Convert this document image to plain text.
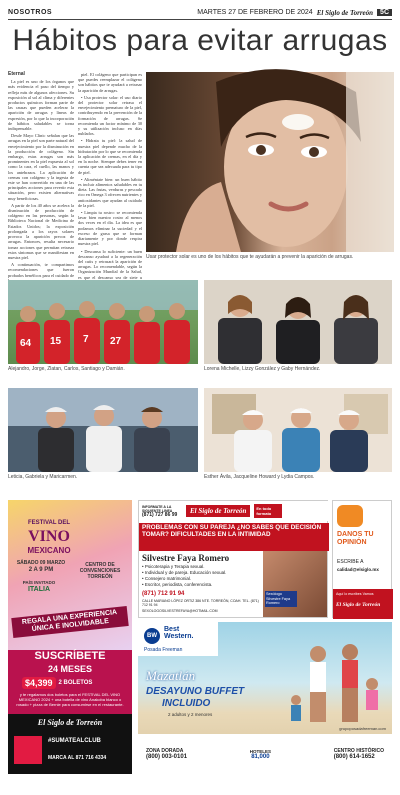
NOSOTROS	MARTES 27 DE FEBRERO DE 2024 El Siglo de Torreón	5C
Hábitos para evitar arrugas
Eternal

La piel es uno de los órganos que más evidencia el paso del tiempo y refleja más de algunos afecciones. Su exposición al sol al clima y diferentes productos químicos forman parte de las causas que pueden acelerar la aparición de arrugas y líneas de expresión, por lo que la incorporación de hábitos saludables se torna indispensable.

Desde Mayo Clinic señalan que las arrugas en la piel son parte natural del envejecimiento por la disminución en la producción de colágeno. Sin embargo, estas arrugas son más prominentes en la piel expuesta al sol como la cara, el cuello, las manos y los antebrazos. La aplicación de cremas con colágeno y la ingesta de este se han convertido en una de las principales acciones para revertir esta situación, pero existen alternativas muy beneficiosas.

A partir de los 40 años se acelera la disminución de producción de colágeno en las personas, según la Biblioteca Nacional de Medicina de Estados Unidos; la exposición prolongada a los rayos solares provoca la aparición precoz de arrugas. Entonces, resulta necesario tomar acciones que permitan retrasar estos síntomas que se manifiestan en nuestra piel.

A continuación, te compartimos recomendaciones que fueron probados benéficos para el cuidado de

piel. El colágeno que participan es que puedes reemplazar el colágeno son hábitos que te ayudará a retrasar la aparición de arrugas.

• Usa protector solar: el uso diario del protector solar retrasa el envejecimiento prematuro de la piel, contribuyendo en la prevención de la formación de arrugas. Se recomienda un factor mínimo de 30 y su utilización incluso en días nublados.

• Hidrata tu piel: la salud de nuestra piel depende mucho de la hidratación por lo que se recomienda la aplicación de cremas, en el día y en la noche. Siempre debes tener en cuenta que sea adecuada para tu tipo de piel.

• Aliméntate bien: un buen hábito es incluir alimentos saludables en tu dieta. Las frutas, verduras y pescado rico en Omega 3 ofrecen nutrientes y antioxidantes que ayudan al cuidado de la piel.

• Limpia tu rostro: se recomienda lavar bien nuestro rostro al menos dos veces en el día. La idea es que podamos eliminar la suciedad y el exceso de grasa que se forman diariamente y por donde respira nuestra piel.

• Descansa lo suficiente: un buen descanso ayudará a la regeneración del cutis y retrasará la aparición de arrugas. Lo recomendable, según la Organización Mundial de la Salud, es que el descanso sea de siete u

Usar protector solar es uno de los hábitos que te ayudarán a prevenir la aparición de arrugas.
64 15 7 27
Alejandro, Jorge, Zlatan, Carlos, Santiago y Damián.	Lorena Michelle, Lizzy González y Gaby Hernández.
Leticia, Gabriela y Maricarmen.	Esther Ávila, Jacqueline Howard y Lydia Campos.
FESTIVAL DEL
VINO
MEXICANO
SÁBADO 09 MARZO
2 A 9 PM
PAÍS INVITADO
ITALIA
CENTRO DE CONVENCIONES TORREÓN
REGALA UNA EXPERIENCIA ÚNICA E INOLVIDABLE
SUSCRÍBETE
24 MESES
$4,399	2 BOLETOS
y te regalamos dos boletos para el FESTIVAL DEL VINO MEXICANO 2024 + una botella de vino Anakoba blanco o rosado + pizza de Bernie para consumirse en el restaurante.
El Siglo de Torreón
#SUMATEALCLUB
MARCA AL 871 716 4334
INFORMATE A LA SIGUIENTE LINEA
(871) 727 86 99	El Siglo de Torreón	En todo formato
PROBLEMAS CON SU PAREJA ¿NO SABES QUE DECISIÓN TOMAR? DIFICULTADES EN LA INTIMIDAD
Silvestre Faya Romero
• Psicoterapia y Terapia sexual.
• Individual y de pareja. Educación sexual.
• Consejero matrimonial.
• Escritor, periodista, conferencista.
(871) 712 91 94
CALLE MARIANO LÓPEZ ORTIZ 386 NTE. TORREÓN, COAH. TEL. (871) 712 91 94
SEXOLOGOSILVESTREFAYA@HOTMAIL.COM
Sexólogo Silvestre Faya Romero
DANOS TU OPINIÓN
ESCRIBE A
calidad@elsiglo.mx
Aquí lo escribes Vamos
El Siglo de Torreón
BW
Best
Western.
Posada Freeman
Mazatlán
DESAYUNO BUFFET
INCLUIDO
2 adultos y 2 menores
ZONA DORADA
(800) 003-0101
HOTELES
81,000
CENTRO HISTÓRICO
(800) 614-1652
grupoposadafreeman.com
